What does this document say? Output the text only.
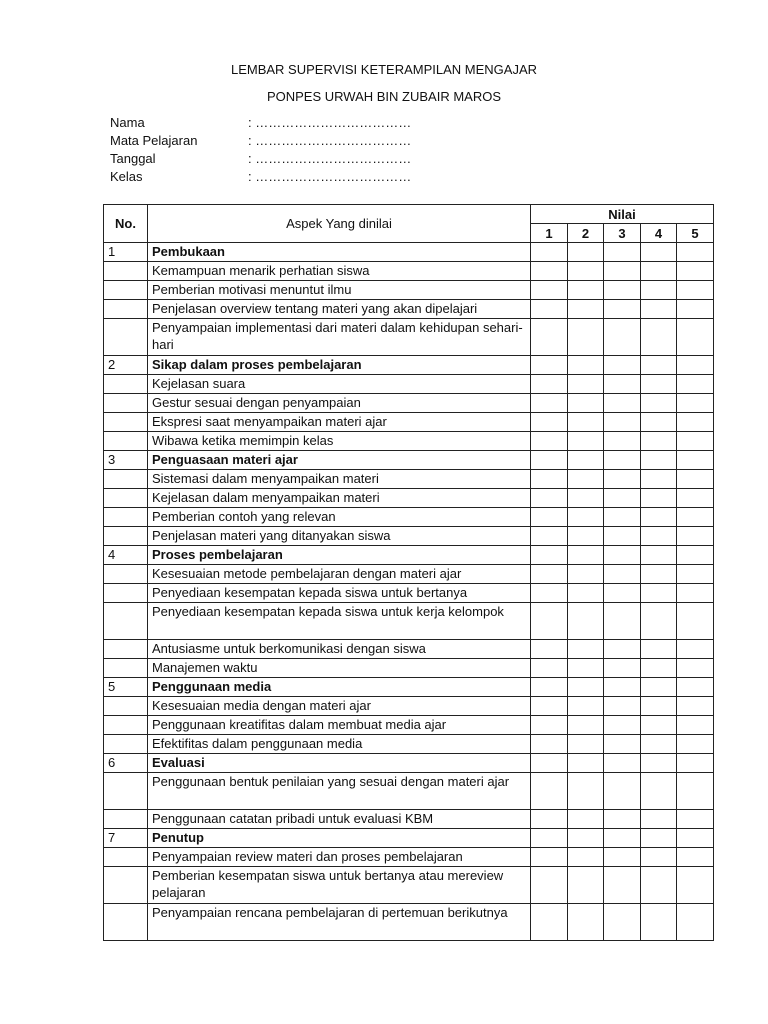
LEMBAR SUPERVISI KETERAMPILAN MENGAJAR
PONPES URWAH BIN ZUBAIR MAROS
Nama	: ………………………………
Mata Pelajaran	: ………………………………
Tanggal	: ………………………………
Kelas	: ………………………………
No.	Aspek Yang dinilai	Nilai				
		1	2	3	4	5
1	Pembukaan					
	Kemampuan menarik perhatian siswa					
	Pemberian motivasi menuntut ilmu					
	Penjelasan overview tentang materi yang akan dipelajari					
	Penyampaian implementasi dari materi dalam kehidupan sehari-hari					
2	Sikap dalam proses pembelajaran					
	Kejelasan suara					
	Gestur sesuai dengan penyampaian					
	Ekspresi saat menyampaikan materi ajar					
	Wibawa ketika memimpin kelas					
3	Penguasaan materi ajar					
	Sistemasi dalam menyampaikan materi					
	Kejelasan dalam menyampaikan materi					
	Pemberian contoh yang relevan					
	Penjelasan materi yang ditanyakan siswa					
4	Proses pembelajaran					
	Kesesuaian metode pembelajaran dengan materi ajar					
	Penyediaan kesempatan kepada siswa untuk bertanya					
	Penyediaan kesempatan kepada siswa untuk kerja kelompok					
	Antusiasme untuk berkomunikasi dengan siswa					
	Manajemen waktu					
5	Penggunaan media					
	Kesesuaian media dengan materi ajar					
	Penggunaan kreatifitas dalam membuat media ajar					
	Efektifitas dalam penggunaan media					
6	Evaluasi					
	Penggunaan bentuk penilaian yang sesuai dengan materi ajar					
	Penggunaan catatan pribadi untuk evaluasi KBM					
7	Penutup					
	Penyampaian review materi dan proses pembelajaran					
	Pemberian kesempatan siswa untuk bertanya atau mereview pelajaran					
	Penyampaian rencana pembelajaran di pertemuan berikutnya					
